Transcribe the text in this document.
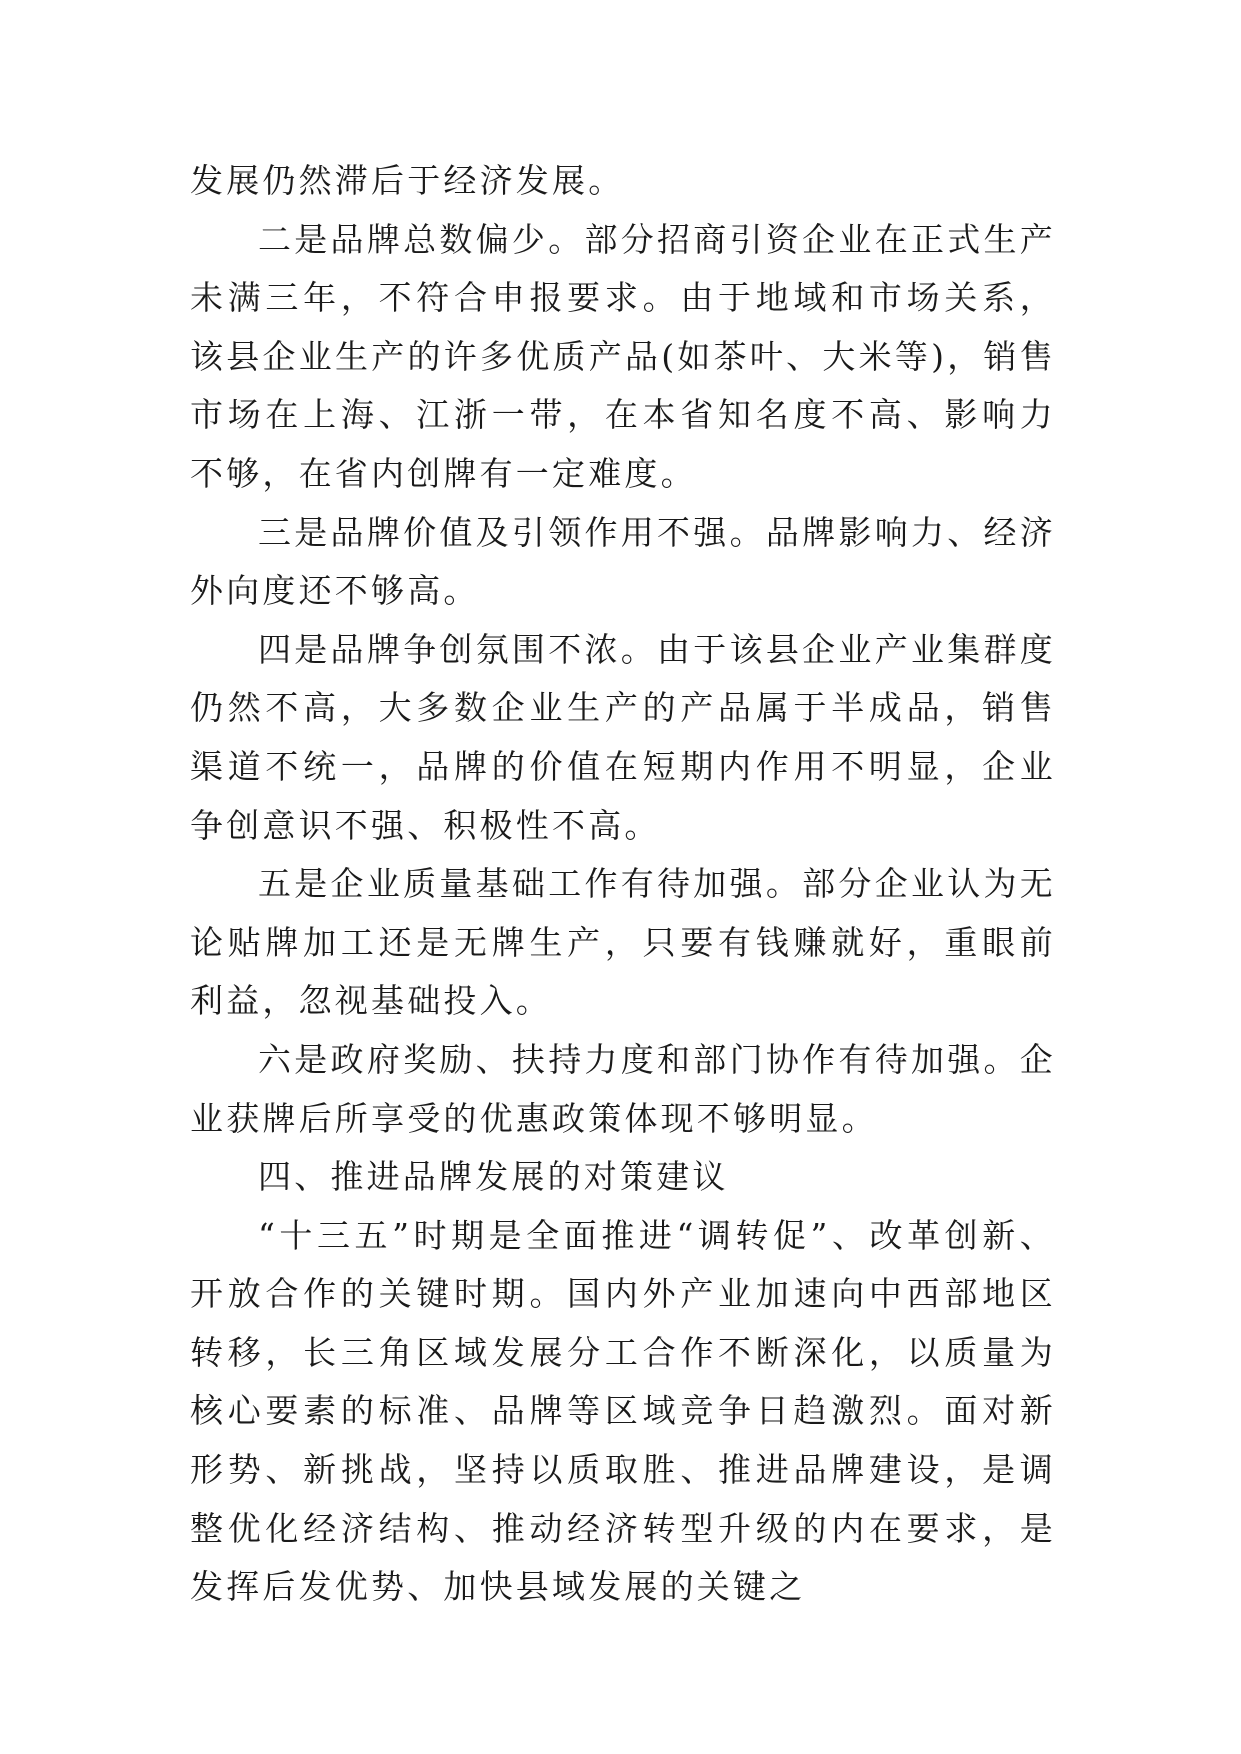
发展仍然滞后于经济发展。

二是品牌总数偏少。部分招商引资企业在正式生产未满三年，不符合申报要求。由于地域和市场关系，该县企业生产的许多优质产品(如茶叶、大米等)，销售市场在上海、江浙一带，在本省知名度不高、影响力不够，在省内创牌有一定难度。

三是品牌价值及引领作用不强。品牌影响力、经济外向度还不够高。

四是品牌争创氛围不浓。由于该县企业产业集群度仍然不高，大多数企业生产的产品属于半成品，销售渠道不统一，品牌的价值在短期内作用不明显，企业争创意识不强、积极性不高。

五是企业质量基础工作有待加强。部分企业认为无论贴牌加工还是无牌生产，只要有钱赚就好，重眼前利益，忽视基础投入。

六是政府奖励、扶持力度和部门协作有待加强。企业获牌后所享受的优惠政策体现不够明显。

四、推进品牌发展的对策建议

“十三五”时期是全面推进“调转促”、改革创新、开放合作的关键时期。国内外产业加速向中西部地区转移，长三角区域发展分工合作不断深化，以质量为核心要素的标准、品牌等区域竞争日趋激烈。面对新形势、新挑战，坚持以质取胜、推进品牌建设，是调整优化经济结构、推动经济转型升级的内在要求，是发挥后发优势、加快县域发展的关键之
